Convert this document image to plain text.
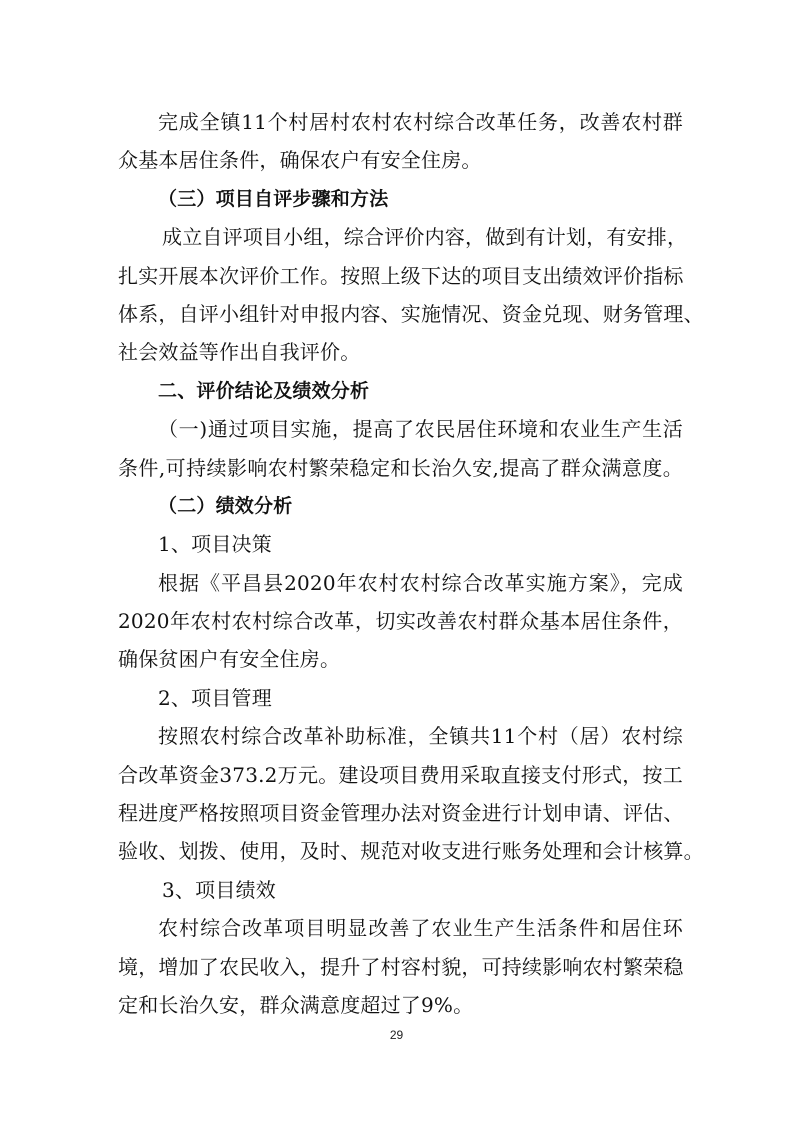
完成全镇11个村居村农村农村综合改革任务，改善农村群
众基本居住条件，确保农户有安全住房。
（三）项目自评步骤和方法
成立自评项目小组，综合评价内容，做到有计划，有安排，
扎实开展本次评价工作。按照上级下达的项目支出绩效评价指标
体系，自评小组针对申报内容、实施情况、资金兑现、财务管理、
社会效益等作出自我评价。
二、评价结论及绩效分析
（一)通过项目实施，提高了农民居住环境和农业生产生活
条件,可持续影响农村繁荣稳定和长治久安,提高了群众满意度。
（二）绩效分析
1、项目决策
根据《平昌县2020年农村农村综合改革实施方案》，完成
2020年农村农村综合改革，切实改善农村群众基本居住条件，
确保贫困户有安全住房。
2、项目管理
按照农村综合改革补助标准，全镇共11个村（居）农村综
合改革资金373.2万元。建设项目费用采取直接支付形式，按工
程进度严格按照项目资金管理办法对资金进行计划申请、评估、
验收、划拨、使用，及时、规范对收支进行账务处理和会计核算。
3、项目绩效
农村综合改革项目明显改善了农业生产生活条件和居住环
境，增加了农民收入，提升了村容村貌，可持续影响农村繁荣稳
定和长治久安，群众满意度超过了9%。
29
